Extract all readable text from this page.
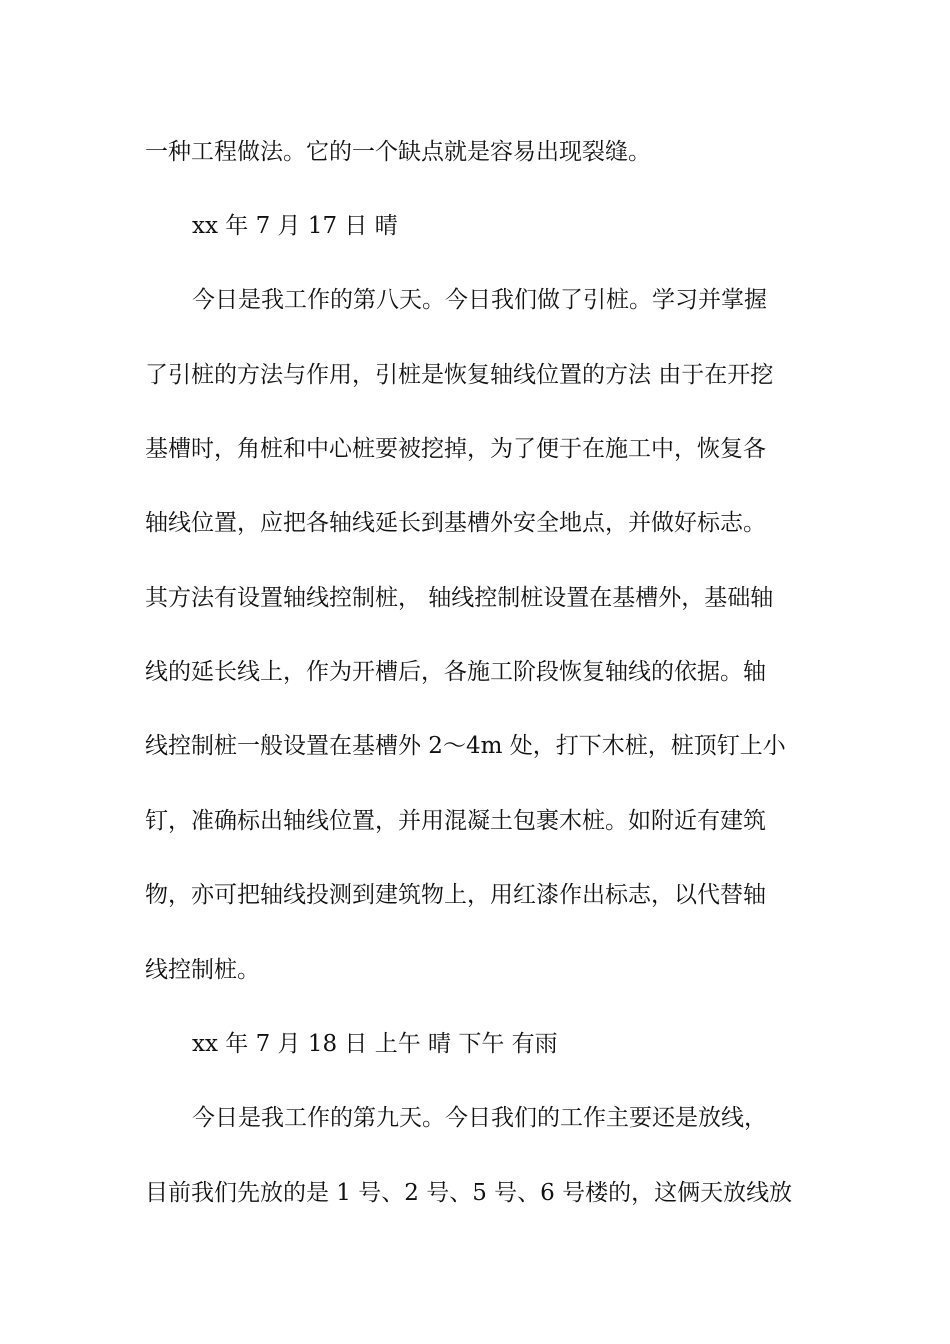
一种工程做法。它的一个缺点就是容易出现裂缝。
xx 年 7 月 17 日 晴
今日是我工作的第八天。今日我们做了引桩。学习并掌握
了引桩的方法与作用，引桩是恢复轴线位置的方法 由于在开挖
基槽时，角桩和中心桩要被挖掉，为了便于在施工中，恢复各
轴线位置，应把各轴线延长到基槽外安全地点，并做好标志。
其方法有设置轴线控制桩， 轴线控制桩设置在基槽外，基础轴
线的延长线上，作为开槽后，各施工阶段恢复轴线的依据。轴
线控制桩一般设置在基槽外 2～4m 处，打下木桩，桩顶钉上小
钉，准确标出轴线位置，并用混凝土包裹木桩。如附近有建筑
物，亦可把轴线投测到建筑物上，用红漆作出标志，以代替轴
线控制桩。
xx 年 7 月 18 日 上午 晴 下午 有雨
今日是我工作的第九天。今日我们的工作主要还是放线，
目前我们先放的是 1 号、2 号、5 号、6 号楼的，这俩天放线放
